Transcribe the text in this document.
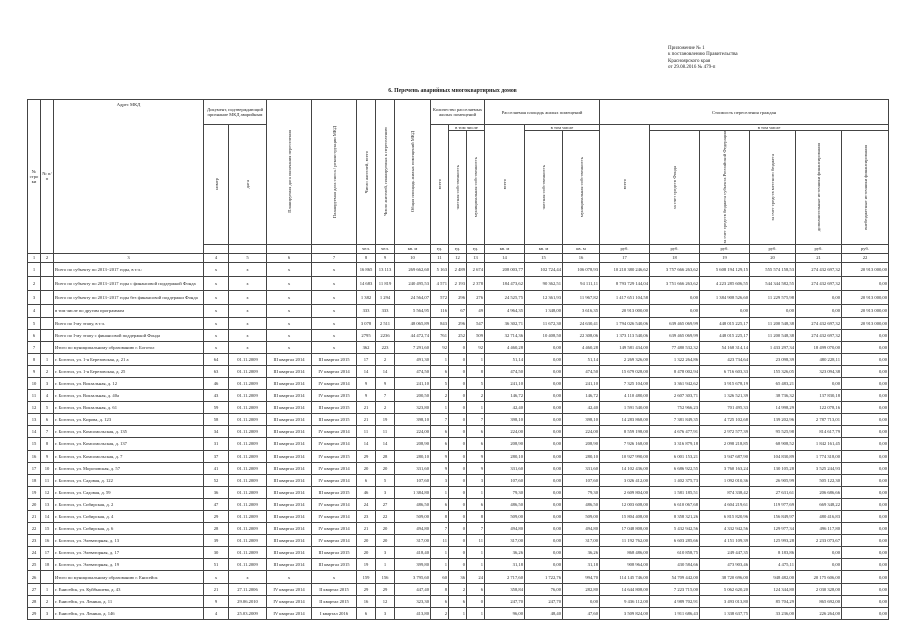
Приложение № 1
к постановлению Правительства
Красноярского края
от 29.08.2016 № 479-п
6. Перечень аварийных многоквартирных домов
№ стро ки	№ п/п	Адрес МКД	Документ, подтверждающий признание МКД аварийным		Планируемая дата окончания переселения	Планируемая дата сноса / реконструкции МКД	Число жителей, всего	Число жителей, планируемых к переселению	Общая площадь жилых помещений МКД	Количество расселяемых жилых помещений			Расселяемая площадь жилых помещений			Стоимость переселения граждан					

			номер	дата						всего	в том числе		всего	в том числе		всего	в том числе				

											частная собственность	муниципальная собственность		частная собственность	муниципальная собственность		за счет средств Фонда	за счет средств бюджета субъекта Российской Федерации	за счет средств местного бюджета	дополнительные источники финансирования	внебюджетные источники финансирования

							чел.	чел.	кв. м	ед.	ед.	ед.	кв. м	кв. м	кв. м	руб.	руб.	руб.	руб.	руб.	руб.
1	2	3	4	5	6	7	8	9	10	11	12	13	14	15	16	17	18	19	20	21	22
1		Всего по субъекту по 2013−2017 годы, в т.ч.:	x	x	x	x	16 865	13 113	269 662,60	5 163	2 489	2 674	208 003,77	102 724,44	106 078,93	10 210 380 246,62	3 757 666 263,62	5 608 194 129,15	555 574 158,53	274 432 697,32	20 913 000,00
2		Всего по субъекту по 2013−2017 годы с финансовой поддержкой Фонда	x	x	x	x	14 683	11 819	240 495,53	4 571	2 193	2 378	184 473,62	90 362,51	94 111,11	8 793 729 144,04	3 751 666 263,62	4 223 285 606,55	544 344 582,55	274 432 697,32	0,00
3		Всего по субъекту по 2013−2017 годы без финансовой поддержки Фонда	x	x	x	x	1 382	1 294	24 564,07	572	296	276	24 525,75	12 361,93	11 967,82	1 417 651 104,58	0,00	1 384 908 526,60	11 229 575,98	0,00	20 913 000,00
4		в том числе по другим программам	x	x	x	x	333	333	5 564,95	116	67	49	4 964,35	1 348,00	3 616,35	20 913 000,00	0,00	0,00	0,00	0,00	20 913 000,00
5		Всего по I-му этапу, в т.ч.	x	x	x	x	3 078	2 511	48 065,89	843	296	547	36 302,71	11 672,30	24 630,41	1 794 026 540,06	639 465 069,99	448 015 225,17	11 200 548,38	274 432 697,32	20 913 000,00
6		Всего по I-му этапу с финансовой поддержкой Фонда	x	x	x	x	2795	2236	44 472,74	761	252	509	32 714,36	10 408,50	22 308,06	1 373 113 540,06	639 465 069,99	448 015 225,17	11 200 548,38	274 432 697,32	0,00
7		Итого по муниципальному образованию г. Боготол	x	x	x	x	362	223	7 291,60	92	0	92	4 460,28	0,00	4 460,28	149 581 434,00	77 480 532,32	54 168 314,14	1 433 297,34	18 499 070,00	0,00
8	1	г. Боготол, ул. 1-я Березовская, д. 21 а	64	01.11.2009	III квартал 2014	III квартал 2015	17	2	491,30	1	0	1	51,14	0,00	51,14	2 269 326,00	1 322 264,86	423 734,64	23 098,39	480 228,11	0,00
9	2	г. Боготол, ул. 1-я Березовская, д. 25	63	01.11.2009	III квартал 2014	IV квартал 2014	14	14	474,50	6	0	8	474,50	0,00	474,50	15 679 028,00	8 478 002,94	6 716 603,33	155 326,05	323 094,38	0,00
10	3	г. Боготол, ул. Вокзальная, д. 12	46	01.11.2009	III квартал 2014	IV квартал 2014	9	9	241,10	5	0	5	241,10	0,00	241,10	7 325 104,00	3 361 942,62	3 915 678,19	65 483,21	0,00	0,00
11	4	г. Боготол, ул. Вокзальная, д. 40а	43	01.11.2009	III квартал 2014	IV квартал 2015	9	7	200,50	2	0	2	146,72	0,00	146,72	4 110 480,00	2 607 303,71	1 326 521,39	38 736,32	137 830,18	0,00
12	5	г. Боготол, ул. Вокзальная, д. 61	59	01.11.2009	III квартал 2014	III квартал 2015	21	2	323,80	1	0	1	42,40	0,00	42,40	1 591 540,00	752 966,23	701 495,33	14 998,29	122 078,16	0,00
13	6	г. Боготол, ул. Кирова, д. 123	58	01.11.2009	III квартал 2014	III квартал 2015	21	19	398,10	7	0	7	398,10	0,00	398,10	14 283 868,00	7 381 849,35	4 725 102,68	139 202,96	2 787 713,01	0,00
14	7	г. Боготол, ул. Комсомольская, д. 135	34	01.11.2009	III квартал 2014	IV квартал 2014	11	11	224,00	6	0	6	224,00	0,00	224,00	8 559 198,00	4 676 477,91	2 972 577,39	95 525,98	814 617,79	0,00
15	8	г. Боготол, ул. Комсомольская, д. 137	31	01.11.2009	III квартал 2014	IV квартал 2014	14	14	208,90	6	0	6	208,90	0,00	208,90	7 926 168,00	3 316 879,18	2 098 218,85	68 908,52	1 842 161,45	0,00
16	9	г. Боготол, ул. Комсомольская, д. 7	37	01.11.2009	III квартал 2014	IV квартал 2015	29	28	280,10	9	0	9	280,10	0,00	280,10	10 927 990,00	6 001 153,21	3 947 687,90	104 830,89	1 774 318,00	0,00
17	10	г. Боготол, ул. Морозовская, д. 57	41	01.11.2009	III квартал 2014	IV квартал 2014	20	20	331,60	9	0	9	331,60	0,00	331,60	14 102 436,00	6 686 922,55	3 760 163,24	130 105,28	3 525 244,93	0,00
18	11	г. Боготол, ул. Садовая, д. 122	52	01.11.2009	III квартал 2014	IV квартал 2014	6	5	107,60	3	0	3	107,60	0,00	107,60	3 026 412,00	1 402 375,73	1 092 010,36	26 905,99	505 122,30	0,00
19	12	г. Боготол, ул. Садовая, д. 59	36	01.11.2009	III квартал 2014	III квартал 2015	46	3	1 384,80	1	0	1	79,30	0,00	79,30	2 609 804,00	1 581 185,51	874 338,42	27 631,61	206 686,66	0,00
20	13	г. Боготол, ул. Сибирская, д. 2	47	01.11.2009	III квартал 2014	IV квартал 2014	24	27	486,50	6	0	6	486,50	0,00	486,50	12 003 608,00	6 610 067,68	4 604 219,61	119 977,69	669 348,22	0,00
21	14	г. Боготол, ул. Сибирская, д. 4	29	01.11.2009	III квартал 2014	IV квартал 2014	23	22	509,00	8	0	8	509,00	0,00	509,00	15 804 408,00	8 358 321,26	6 815 820,96	156 849,97	480 416,83	0,00
22	15	г. Боготол, ул. Сибирская, д. 6	28	01.11.2009	III квартал 2014	IV квартал 2014	21	20	494,80	7	0	7	494,80	0,00	494,80	17 048 808,00	5 432 942,56	4 332 942,56	129 977,34	496 117,80	0,00
23	16	г. Боготол, ул. Элеваторная, д. 13	39	01.11.2009	III квартал 2014	IV квартал 2014	20	20	317,00	11	0	11	317,00	0,00	317,00	11 192 762,00	6 603 285,66	4 151 109,39	125 993,28	2 233 073,67	0,00
24	17	г. Боготол, ул. Элеваторная, д. 17	30	01.11.2009	III квартал 2014	III квартал 2015	20	3	418,40	1	0	1	36,26	0,00	36,26	868 486,00	610 858,75	249 447,35	8 183,86	0,00	0,00
25	18	г. Боготол, ул. Элеваторная, д. 19	51	01.11.2009	III квартал 2014	III квартал 2015	19	1	399,80	1	0	1	31,18	0,00	31,18	908 964,00	430 584,66	473 903,46	4 475,11	0,00	0,00
26		Итого по муниципальному образованию г. Енисейск	x	x	x	x	159	156	3 795,60	60	36	24	2 717,60	1 722,76	994,70	114 145 746,00	54 709 442,00	38 720 696,00	948 482,00	20 175 606,00	0,00
27	1	г. Енисейск, ул. Куйбышева, д. 43	21	27.11.2006	IV квартал 2014	II квартал 2015	29	29	447,40	8	2	6	358,84	76,00	282,80	14 644 808,00	7 223 715,00	5 062 620,20	124 344,80	2 030 328,00	0,00
28	2	г. Енисейск, ул. Ленина, д. 11	9	29.06.2010	IV квартал 2014	II квартал 2015	16	12	323,30	6	6	0	247,70	247,70	0,00	9 436 112,00	4 989 702,91	3 493 013,80	85 704,29	865 692,00	0,00
29	3	г. Енисейск, ул. Ленина, д. 146	4	25.03.2009	IV квартал 2014	I квартал 2016	6	3	413,80	2	1	1	96,00	48,40	47,60	3 509 824,00	1 911 686,43	1 338 637,75	33 236,00	226 264,00	0,00
